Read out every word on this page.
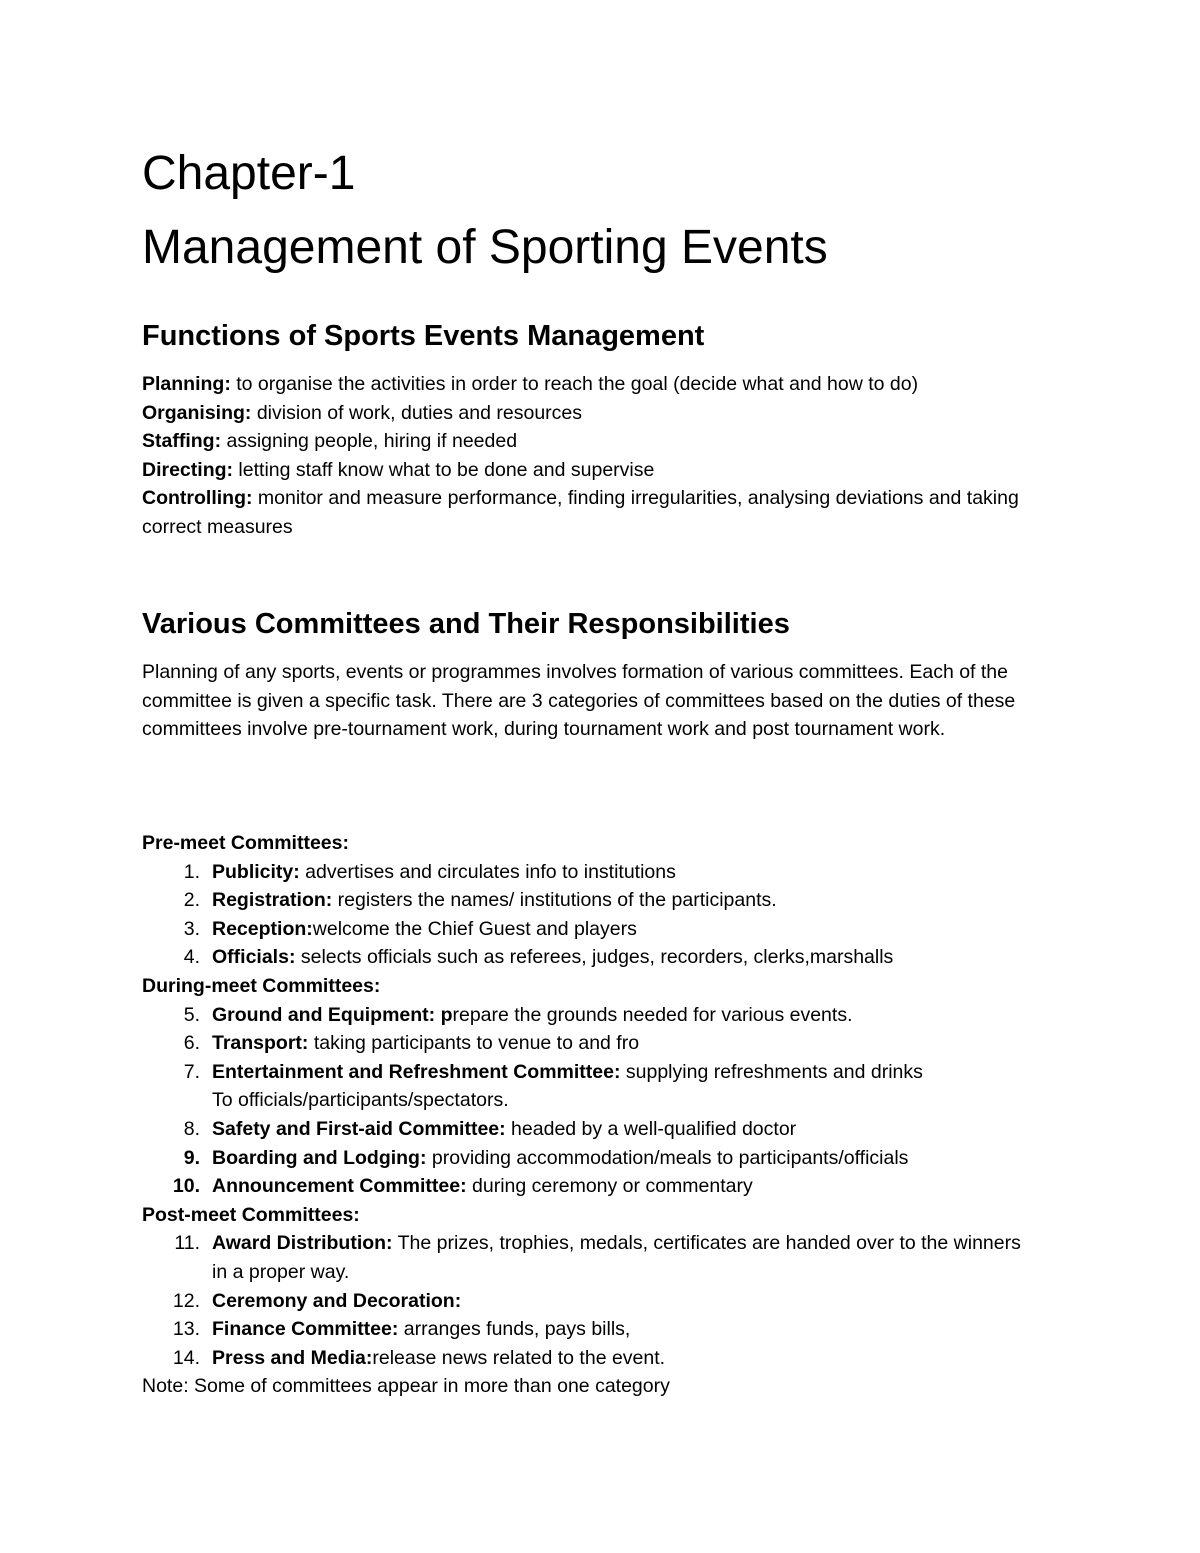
Chapter-1
Management of Sporting Events
Functions of Sports Events Management

Planning: to organise the activities in order to reach the goal (decide what and how to do)

Organising: division of work, duties and resources

Staffing: assigning people, hiring if needed

Directing: letting staff know what to be done and supervise

Controlling: monitor and measure performance, finding irregularities, analysing deviations and taking correct measures

Various Committees and Their Responsibilities

Planning of any sports, events or programmes involves formation of various committees. Each of the committee is given a specific task. There are 3 categories of committees based on the duties of these committees involve pre-tournament work, during tournament work and post tournament work.

Pre-meet Committees:

1. Publicity: advertises and circulates info to institutions
2. Registration: registers the names/ institutions of the participants.
3. Reception:welcome the Chief Guest and players
4. Officials: selects officials such as referees, judges, recorders, clerks,marshalls

During-meet Committees:

5. Ground and Equipment: prepare the grounds needed for various events.
6. Transport: taking participants to venue to and fro
7. Entertainment and Refreshment Committee: supplying refreshments and drinks
To officials/participants/spectators.
8. Safety and First-aid Committee: headed by a well-qualified doctor
9. Boarding and Lodging: providing accommodation/meals to participants/officials
10. Announcement Committee: during ceremony or commentary

Post-meet Committees:

11. Award Distribution: The prizes, trophies, medals, certificates are handed over to the winners in a proper way.
12. Ceremony and Decoration:
13. Finance Committee: arranges funds, pays bills,
14. Press and Media:release news related to the event.

Note: Some of committees appear in more than one category
